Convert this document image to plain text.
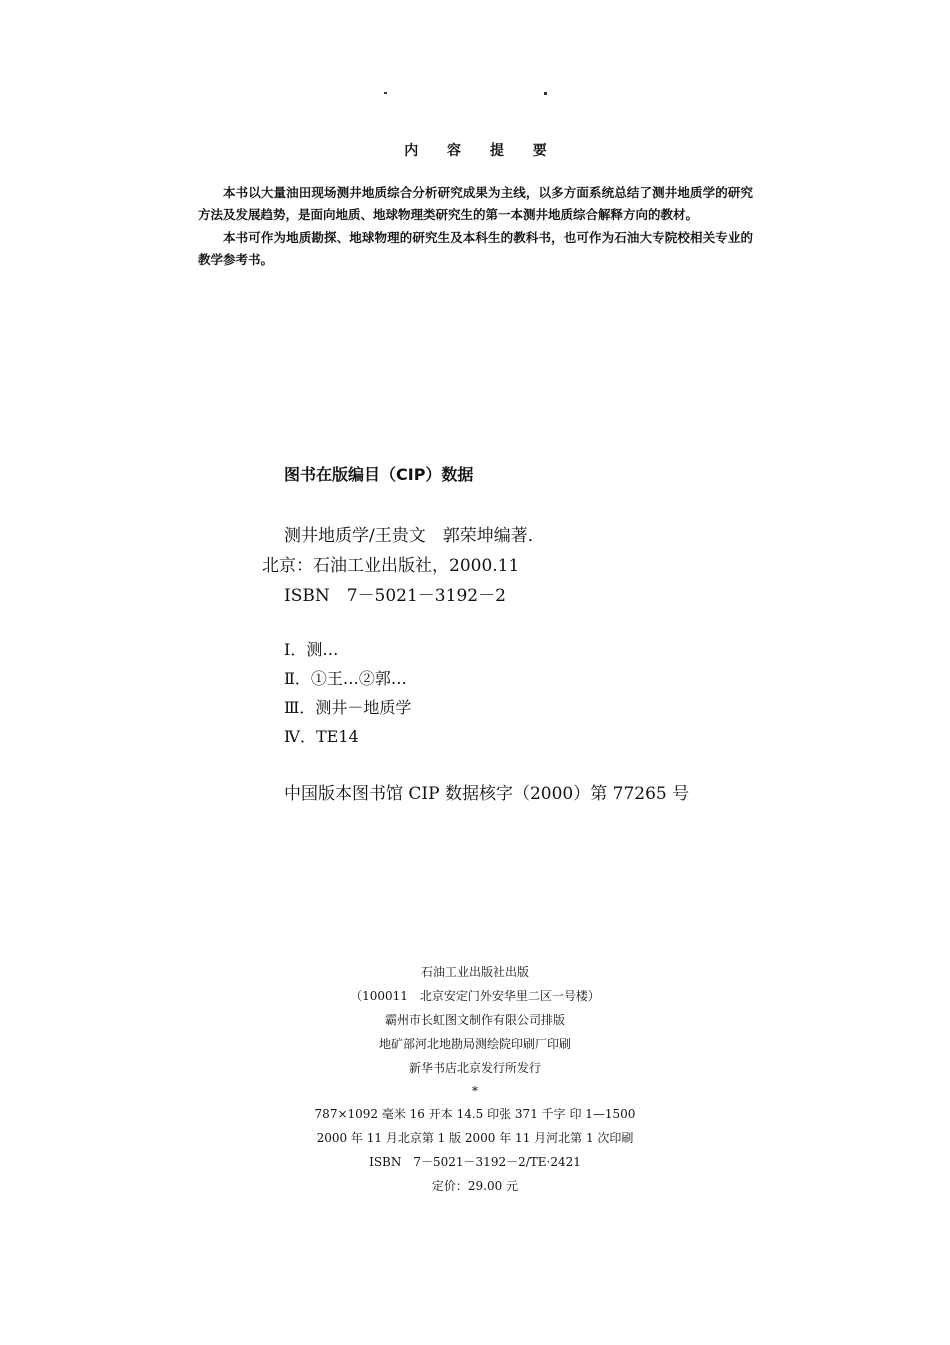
内 容 提 要

本书以大量油田现场测井地质综合分析研究成果为主线，以多方面系统总结了测井地质学的研究方法及发展趋势，是面向地质、地球物理类研究生的第一本测井地质综合解释方向的教材。

本书可作为地质勘探、地球物理的研究生及本科生的教科书，也可作为石油大专院校相关专业的教学参考书。

图书在版编目（CIP）数据
测井地质学/王贵文　郭荣坤编著．
北京：石油工业出版社，2000.11
ISBN　7－5021－3192－2
Ⅰ．测…
Ⅱ．①王…②郭…
Ⅲ．测井－地质学
Ⅳ．TE14
中国版本图书馆 CIP 数据核字（2000）第 77265 号
石油工业出版社出版
（100011　北京安定门外安华里二区一号楼）
霸州市长虹图文制作有限公司排版
地矿部河北地勘局测绘院印刷厂印刷
新华书店北京发行所发行
*
787×1092 毫米 16 开本 14.5 印张 371 千字 印 1—1500
2000 年 11 月北京第 1 版 2000 年 11 月河北第 1 次印刷
ISBN　7－5021－3192－2/TE·2421
定价：29.00 元
